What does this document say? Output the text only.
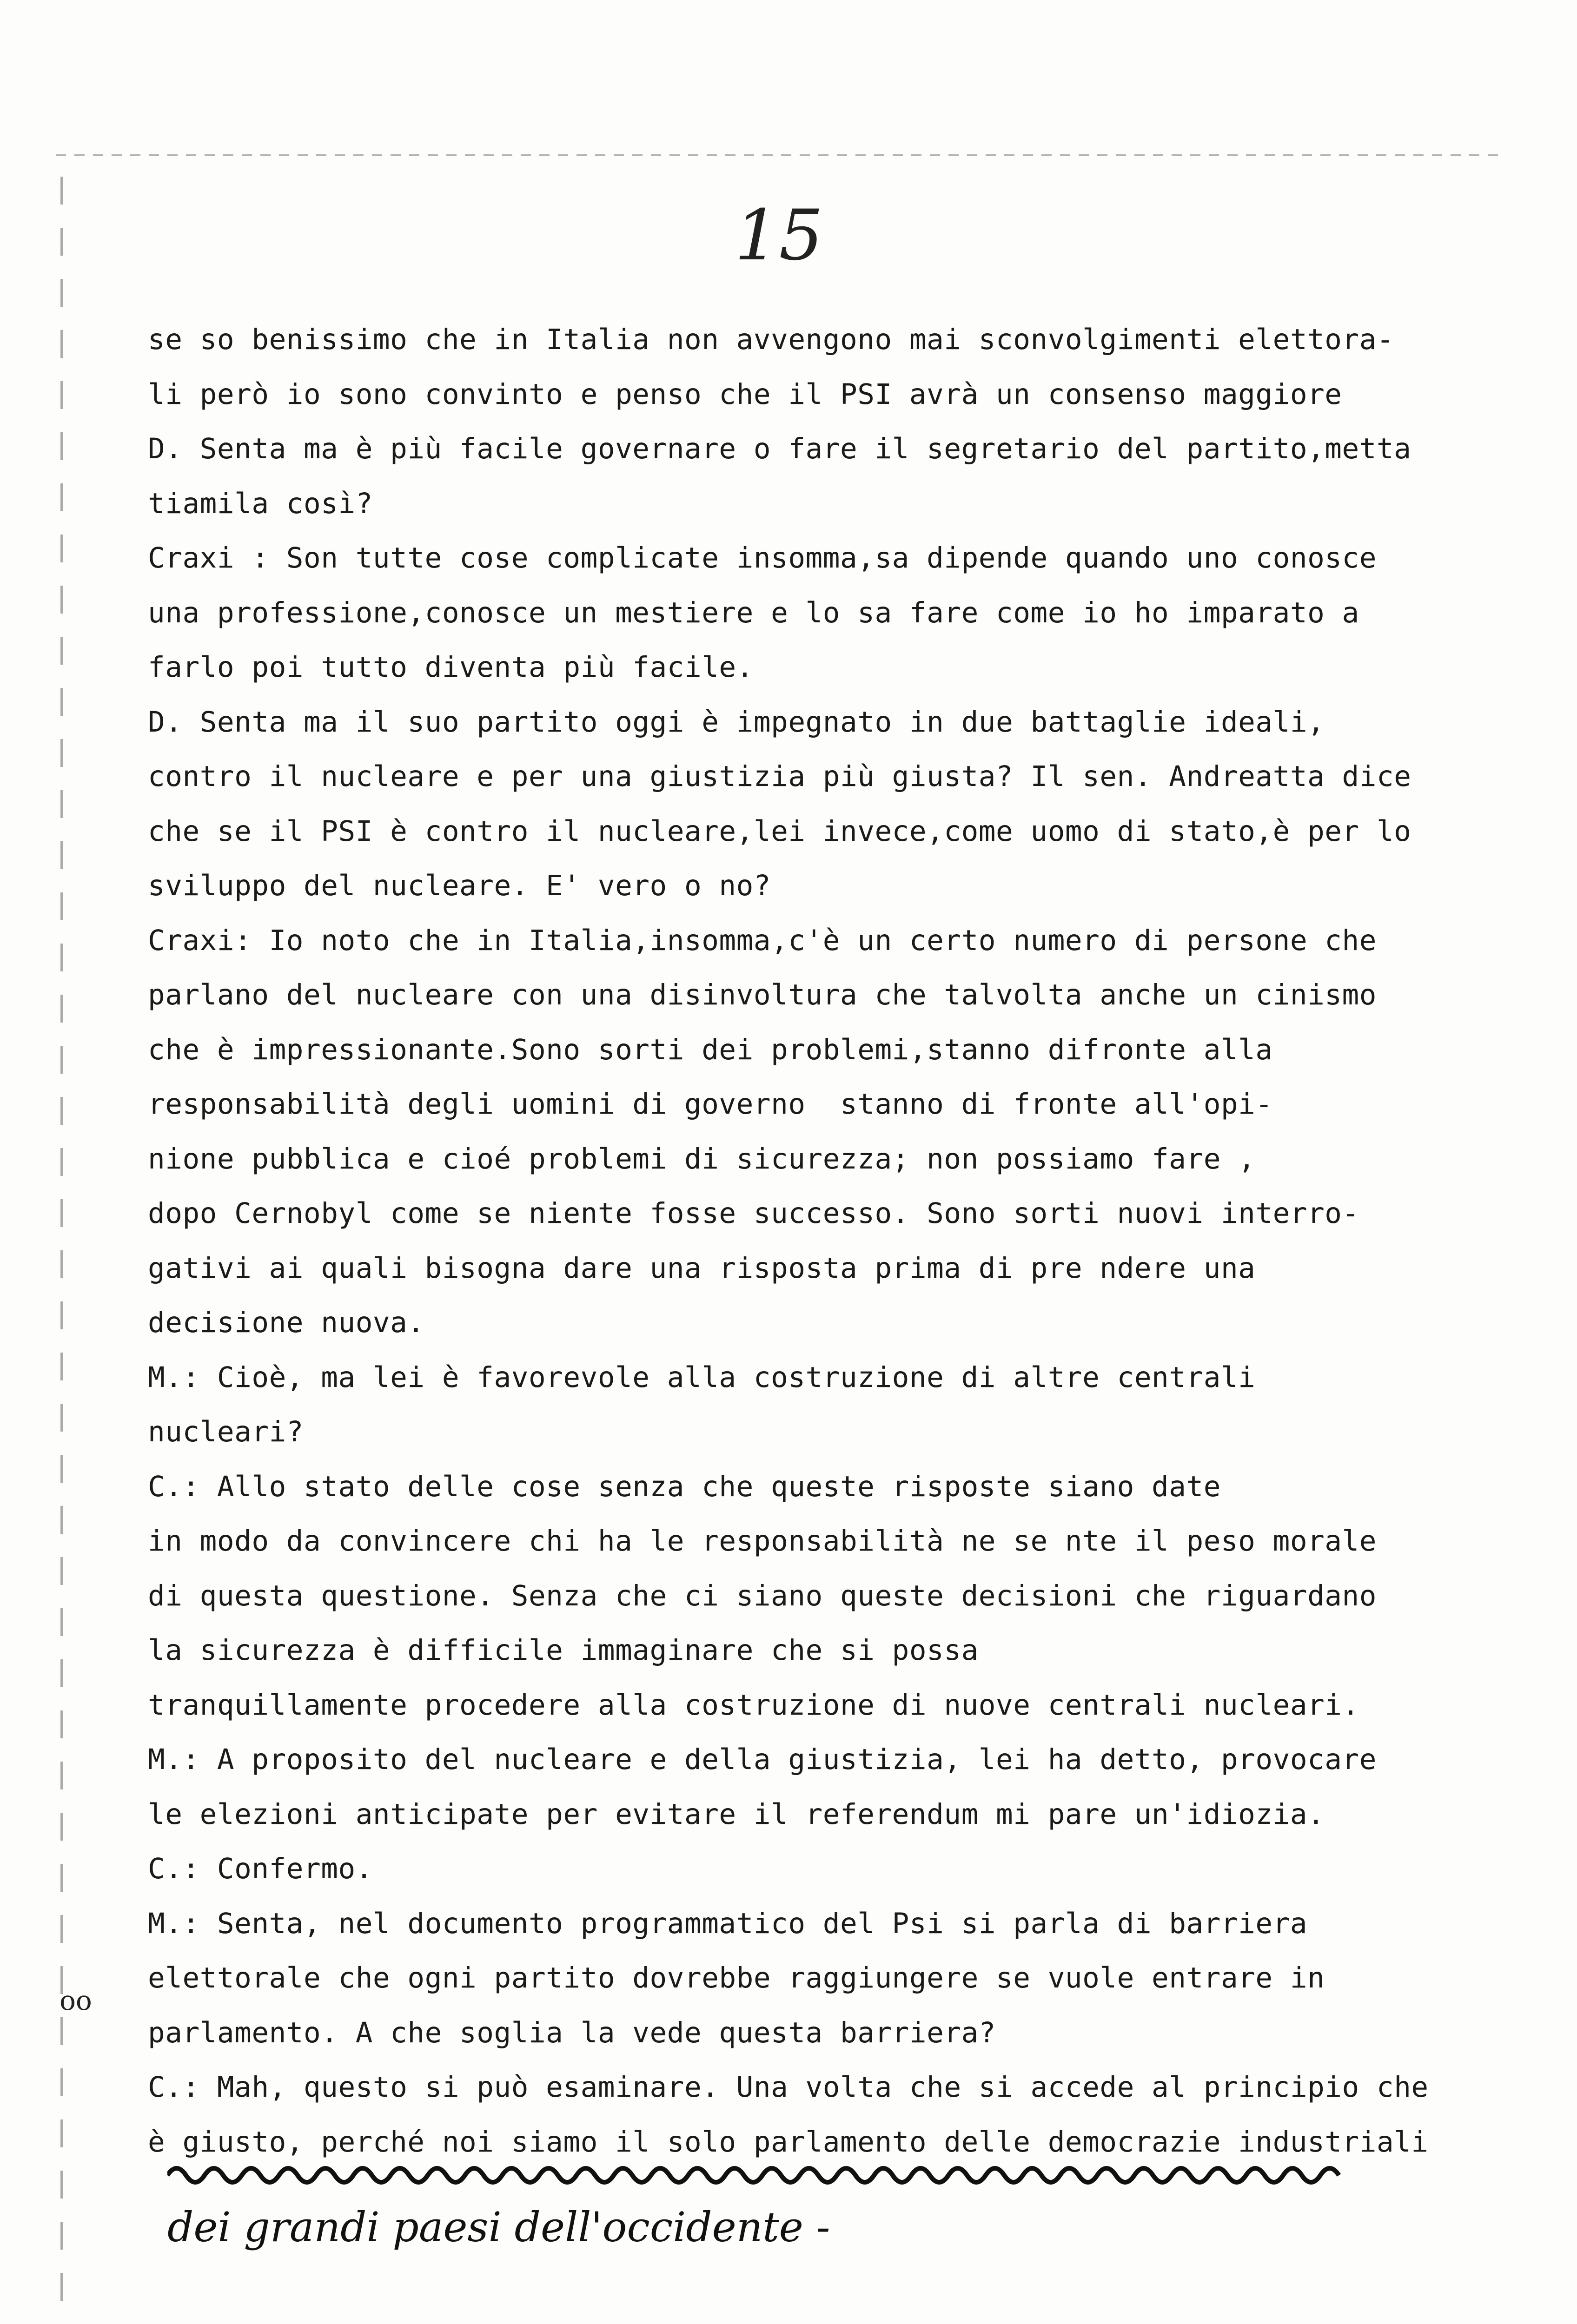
15
oo
se so benissimo che in Italia non avvengono mai sconvolgimenti elettora-
li però io sono convinto e penso che il PSI avrà un consenso maggiore
D. Senta ma è più facile governare o fare il segretario del partito,metta
tiamila così?
Craxi : Son tutte cose complicate insomma,sa dipende quando uno conosce
una professione,conosce un mestiere e lo sa fare come io ho imparato a
farlo poi tutto diventa più facile.
D. Senta ma il suo partito oggi è impegnato in due battaglie ideali,
contro il nucleare e per una giustizia più giusta? Il sen. Andreatta dice
che se il PSI è contro il nucleare,lei invece,come uomo di stato,è per lo
sviluppo del nucleare. E' vero o no?
Craxi: Io noto che in Italia,insomma,c'è un certo numero di persone che
parlano del nucleare con una disinvoltura che talvolta anche un cinismo
che è impressionante.Sono sorti dei problemi,stanno difronte alla
responsabilità degli uomini di governo  stanno di fronte all'opi-
nione pubblica e cioé problemi di sicurezza; non possiamo fare ,
dopo Cernobyl come se niente fosse successo. Sono sorti nuovi interro-
gativi ai quali bisogna dare una risposta prima di pre ndere una
decisione nuova.
M.: Cioè, ma lei è favorevole alla costruzione di altre centrali
nucleari?
C.: Allo stato delle cose senza che queste risposte siano date
in modo da convincere chi ha le responsabilità ne se nte il peso morale
di questa questione. Senza che ci siano queste decisioni che riguardano
la sicurezza è difficile immaginare che si possa
tranquillamente procedere alla costruzione di nuove centrali nucleari.
M.: A proposito del nucleare e della giustizia, lei ha detto, provocare
le elezioni anticipate per evitare il referendum mi pare un'idiozia.
C.: Confermo.
M.: Senta, nel documento programmatico del Psi si parla di barriera
elettorale che ogni partito dovrebbe raggiungere se vuole entrare in
parlamento. A che soglia la vede questa barriera?
C.: Mah, questo si può esaminare. Una volta che si accede al principio che
è giusto, perché noi siamo il solo parlamento delle democrazie industriali
dei grandi paesi dell'occidente -
